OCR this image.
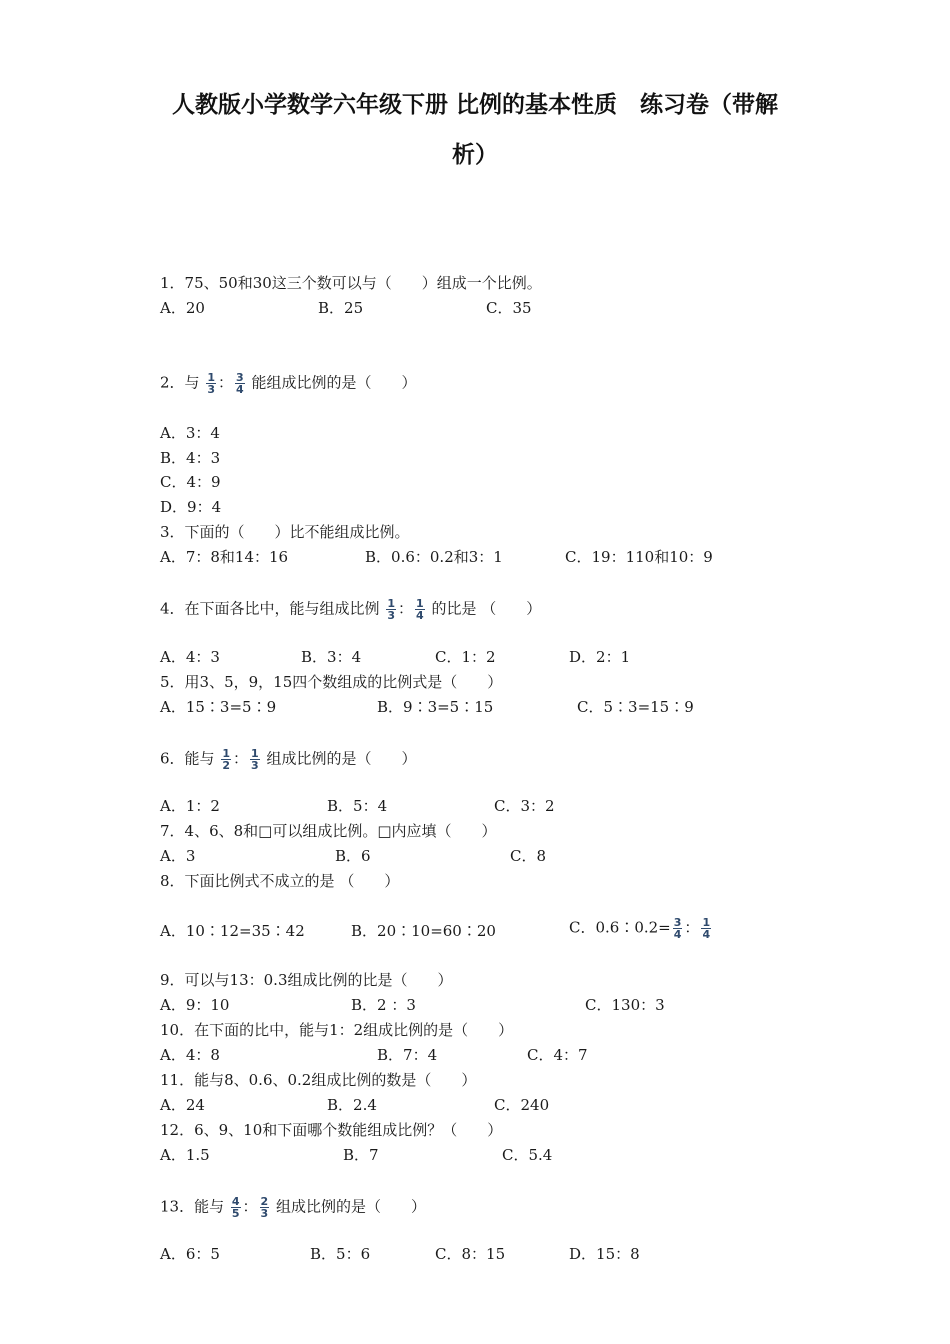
人教版小学数学六年级下册 比例的基本性质　练习卷（带解
析）
1．75、50和30这三个数可以与（　　）组成一个比例。
A．20	B．25	C．35
2．与 $\frac{1}{3}$ ： $\frac{3}{4}$ 能组成比例的是（　　）
A．3：4
B．4：3
C．4：9
D．9：4
3．下面的（　　）比不能组成比例。
A．7：8和14：16	B．0.6：0.2和3：1	C．19：110和10：9
4．在下面各比中，能与组成比例 $\frac{1}{3}$ ： $\frac{1}{4}$ 的比是 （　　）
A．4：3	B．3：4	C．1：2	D．2：1
5．用3、5，9，15四个数组成的比例式是（　　）
A．15∶3=5∶9	B．9∶3=5∶15	C．5∶3=15∶9
6．能与 $\frac{1}{2}$ ： $\frac{1}{3}$ 组成比例的是（　　）
A．1：2	B．5：4	C．3：2
7．4、6、8和□可以组成比例。□内应填（　　）
A．3	B．6	C．8
8．下面比例式不成立的是 （　　）
A．10∶12=35∶42	B．20∶10=60∶20	C．0.6∶0.2= $\frac{3}{4}$ ： $\frac{1}{4}$
9．可以与13：0.3组成比例的比是（　　）
A．9：10	B．2 ：3	C．130：3
10．在下面的比中，能与1：2组成比例的是（　　）
A．4：8	B．7：4	C．4：7
11．能与8、0.6、0.2组成比例的数是（　　）
A．24	B．2.4	C．240
12．6、9、10和下面哪个数能组成比例？（　　）
A．1.5	B．7	C．5.4
13．能与 $\frac{4}{5}$ ： $\frac{2}{3}$ 组成比例的是（　　）
A．6：5	B．5：6	C．8：15	D．15：8
